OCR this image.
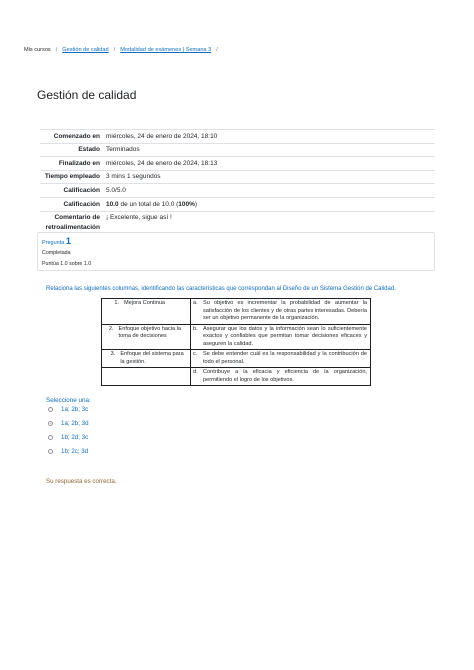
Mis cursos / Gestión de calidad / Modalidad de exámenes | Semana 3 /
Gestión de calidad
Comenzado en	miércoles, 24 de enero de 2024, 18:10
Estado	Terminados
Finalizado en	miércoles, 24 de enero de 2024, 18:13
Tiempo empleado	3 mins 1 segundos
Calificación	5.0/5.0
Calificación	10.0 de un total de 10.0 (100%)
Comentario de retroalimentación	¡ Excelente, sigue así !
Pregunta 1
Completada
Puntúa 1.0 sobre 1.0
Relaciona las siguientes columnas, identificando las características que correspondan al Diseño de un Sistema Gestión de Calidad.
1. Mejora Continua	a. Su objetivo es incrementar la probabilidad de aumentar la satisfacción de los clientes y de otras partes interesadas. Debería ser un objetivo permanente de la organización.

2. Enfoque objetivo hacia la toma de decisiones	b. Asegurar que los datos y la información sean lo suficientemente exactos y confiables que permitan tomar decisiones eficaces y aseguren la calidad.

3. Enfoque del sistema para la gestión.	c. Se debe entender cuál es la responsabilidad y la contribución de todo el personal.

	d. Contribuye a la eficacia y eficiencia de la organización, permitiendo el logro de los objetivos.
Seleccione una:
1a; 2b; 3c
1a; 2b; 3d
1b; 2d; 3c
1b; 2c; 3d
Su respuesta es correcta.
